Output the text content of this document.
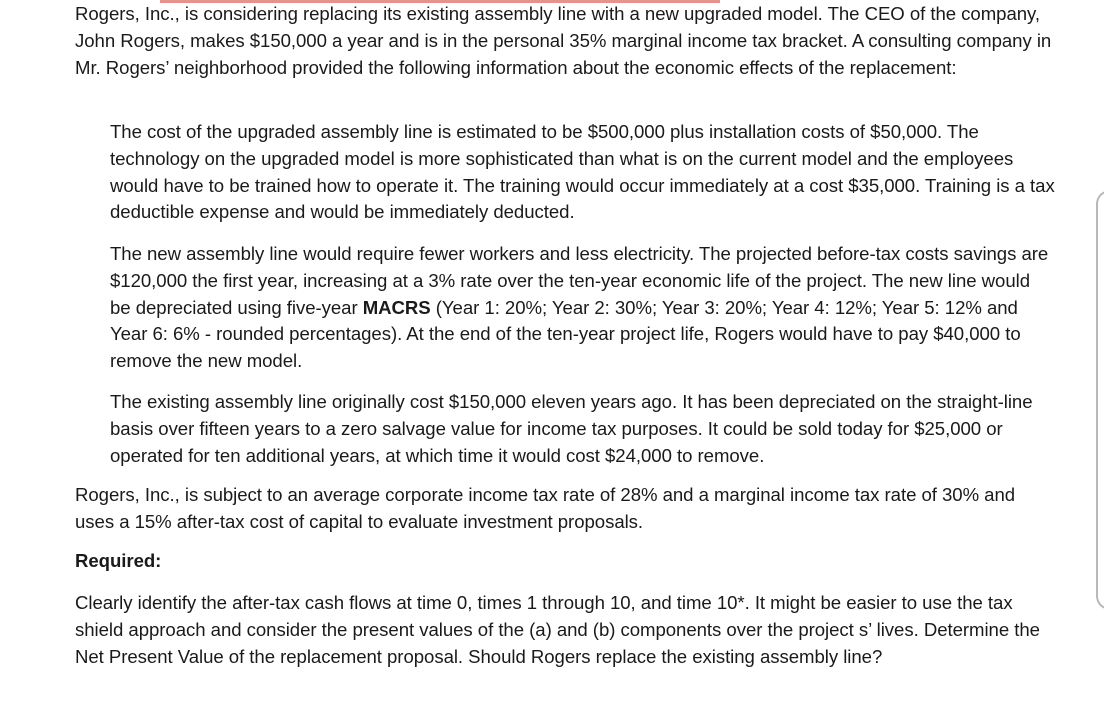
Rogers, Inc., is considering replacing its existing assembly line with a new upgraded model. The CEO of the company, John Rogers, makes $150,000 a year and is in the personal 35% marginal income tax bracket. A consulting company in Mr. Rogers’ neighborhood provided the following information about the economic effects of the replacement:

The cost of the upgraded assembly line is estimated to be $500,000 plus installation costs of $50,000. The technology on the upgraded model is more sophisticated than what is on the current model and the employees would have to be trained how to operate it. The training would occur immediately at a cost $35,000. Training is a tax deductible expense and would be immediately deducted.

The new assembly line would require fewer workers and less electricity. The projected before-tax costs savings are $120,000 the first year, increasing at a 3% rate over the ten-year economic life of the project. The new line would be depreciated using five-year MACRS (Year 1: 20%; Year 2: 30%; Year 3: 20%; Year 4: 12%; Year 5: 12% and Year 6: 6% - rounded percentages). At the end of the ten-year project life, Rogers would have to pay $40,000 to remove the new model.

The existing assembly line originally cost $150,000 eleven years ago. It has been depreciated on the straight-line basis over fifteen years to a zero salvage value for income tax purposes. It could be sold today for $25,000 or operated for ten additional years, at which time it would cost $24,000 to remove.

Rogers, Inc., is subject to an average corporate income tax rate of 28% and a marginal income tax rate of 30% and uses a 15% after-tax cost of capital to evaluate investment proposals.

Required:

Clearly identify the after-tax cash flows at time 0, times 1 through 10, and time 10*. It might be easier to use the tax shield approach and consider the present values of the (a) and (b) components over the project s’ lives. Determine the Net Present Value of the replacement proposal. Should Rogers replace the existing assembly line?
